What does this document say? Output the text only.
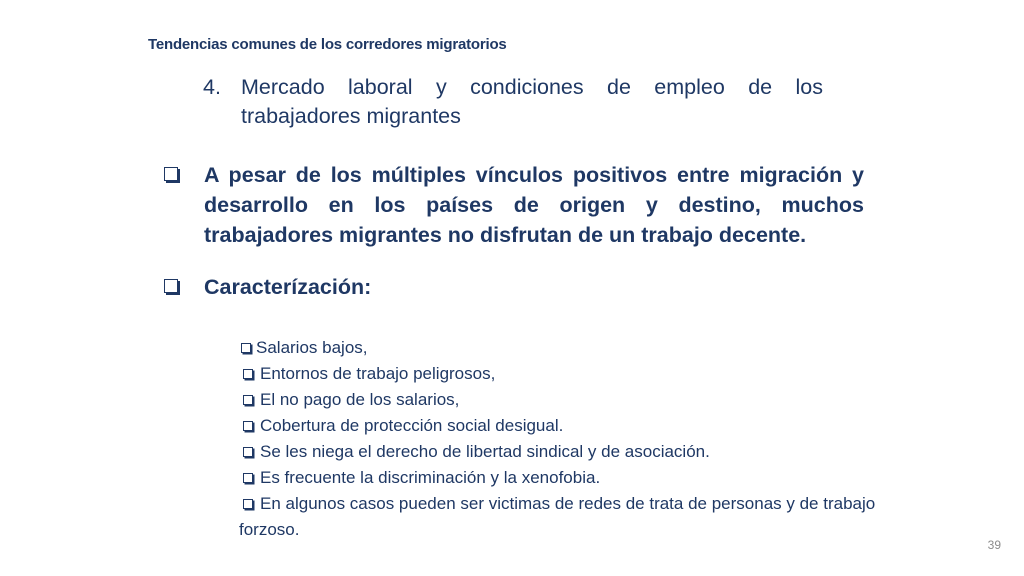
Tendencias comunes de los corredores migratorios
4. Mercado laboral y condiciones de empleo de los trabajadores migrantes
A pesar de los múltiples vínculos positivos entre migración y desarrollo en los países de origen y destino, muchos trabajadores migrantes no disfrutan de un trabajo decente.
Caracterízación:
Salarios bajos,
Entornos de trabajo peligrosos,
El no pago de los salarios,
Cobertura de protección social desigual.
Se les niega el derecho de libertad sindical y de asociación.
Es frecuente la discriminación y la xenofobia.
En algunos casos pueden ser victimas de redes de trata de personas y de trabajo forzoso.
39
